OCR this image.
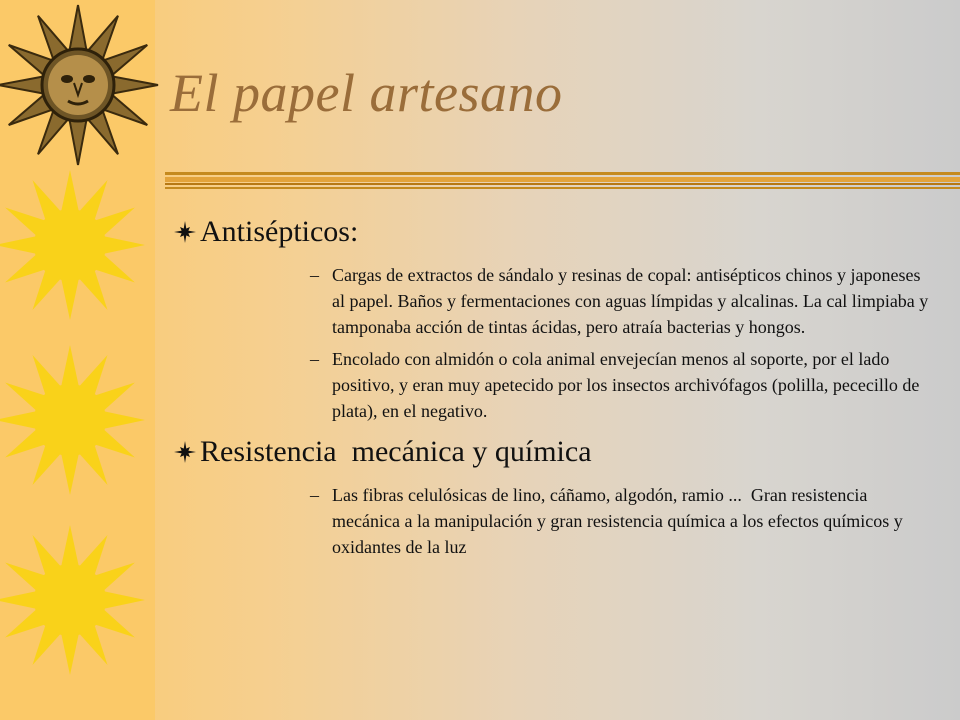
El papel artesano
Antisépticos:
– Cargas de extractos de sándalo y resinas de copal: antisépticos chinos y japoneses al papel. Baños y fermentaciones con aguas límpidas y alcalinas. La cal limpiaba y tamponaba acción de tintas ácidas, pero atraía bacterias y hongos.
– Encolado con almidón o cola animal envejecían menos al soporte, por el lado positivo, y eran muy apetecido por los insectos archivófagos (polilla, pececillo de plata), en el negativo.
Resistencia  mecánica y química
– Las fibras celulósicas de lino, cáñamo, algodón, ramio ...  Gran resistencia mecánica a la manipulación y gran resistencia química a los efectos químicos y oxidantes de la luz
